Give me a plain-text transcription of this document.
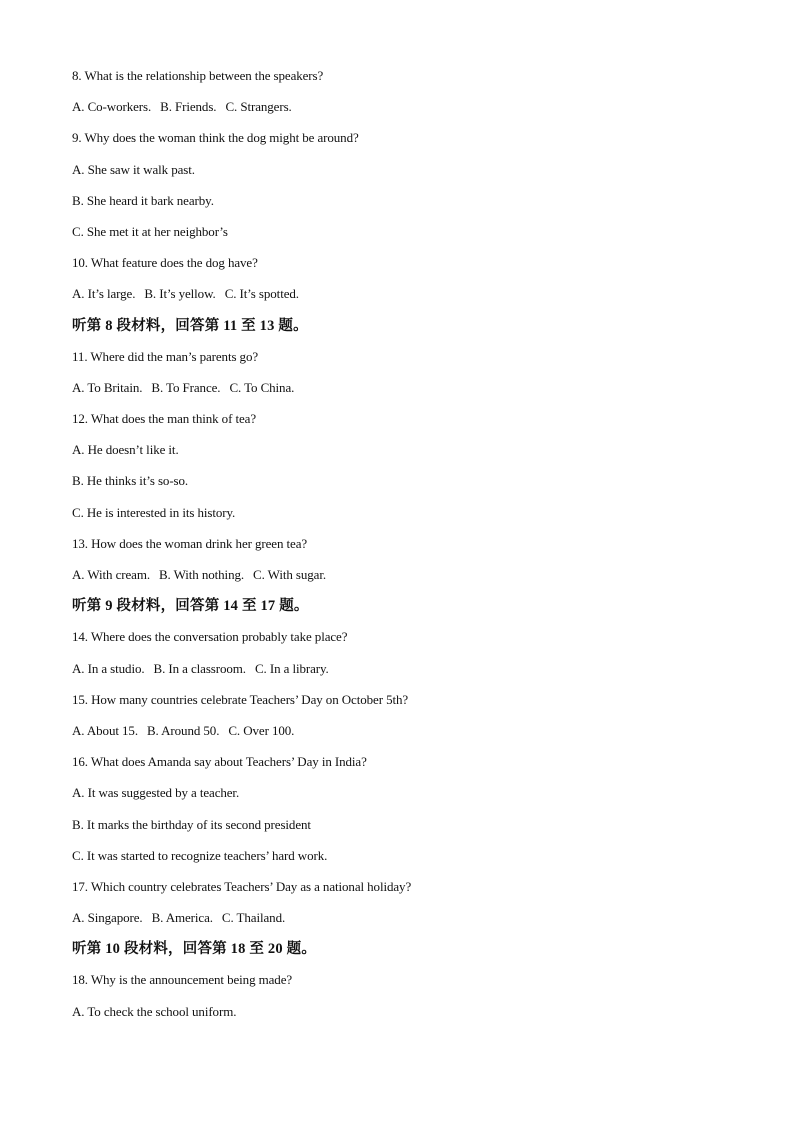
8. What is the relationship between the speakers?
A. Co-workers. B. Friends. C. Strangers.
9. Why does the woman think the dog might be around?
A. She saw it walk past.
B. She heard it bark nearby.
C. She met it at her neighbor’s
10. What feature does the dog have?
A. It’s large. B. It’s yellow. C. It’s spotted.
听第 8 段材料，回答第 11 至 13 题。
11. Where did the man’s parents go?
A. To Britain. B. To France. C. To China.
12. What does the man think of tea?
A. He doesn’t like it.
B. He thinks it’s so-so.
C. He is interested in its history.
13. How does the woman drink her green tea?
A. With cream. B. With nothing. C. With sugar.
听第 9 段材料，回答第 14 至 17 题。
14. Where does the conversation probably take place?
A. In a studio. B. In a classroom. C. In a library.
15. How many countries celebrate Teachers’ Day on October 5th?
A. About 15. B. Around 50. C. Over 100.
16. What does Amanda say about Teachers’ Day in India?
A. It was suggested by a teacher.
B. It marks the birthday of its second president
C. It was started to recognize teachers’ hard work.
17. Which country celebrates Teachers’ Day as a national holiday?
A. Singapore. B. America. C. Thailand.
听第 10 段材料，回答第 18 至 20 题。
18. Why is the announcement being made?
A. To check the school uniform.
